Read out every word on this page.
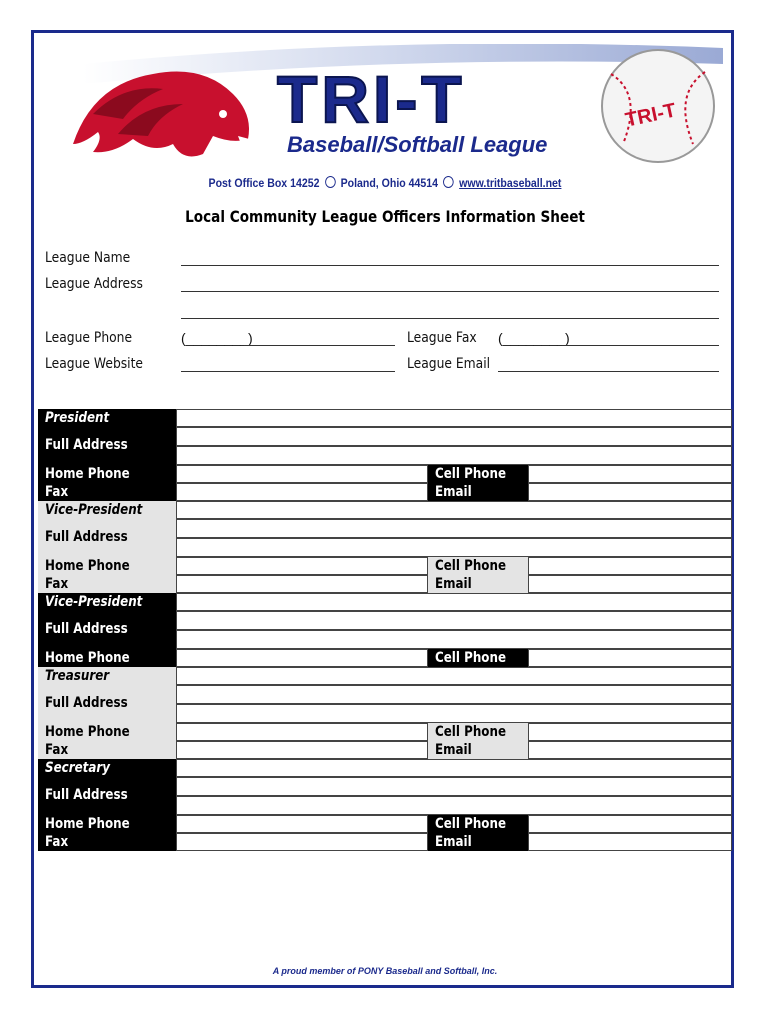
TRI-T
Baseball/Softball League
TRI-T
Post Office Box 14252 Poland, Ohio 44514 www.tritbaseball.net
Local Community League Officers Information Sheet
League Name
League Address
League Phone	(________)	League Fax (________)
League Website	League Email
President
Full Address
Home Phone	Cell Phone
Fax	Email
Vice-President
Full Address
Home Phone	Cell Phone
Fax	Email
Vice-President
Full Address
Home Phone	Cell Phone
Treasurer
Full Address
Home Phone	Cell Phone
Fax	Email
Secretary
Full Address
Home Phone	Cell Phone
Fax	Email
A proud member of PONY Baseball and Softball, Inc.
